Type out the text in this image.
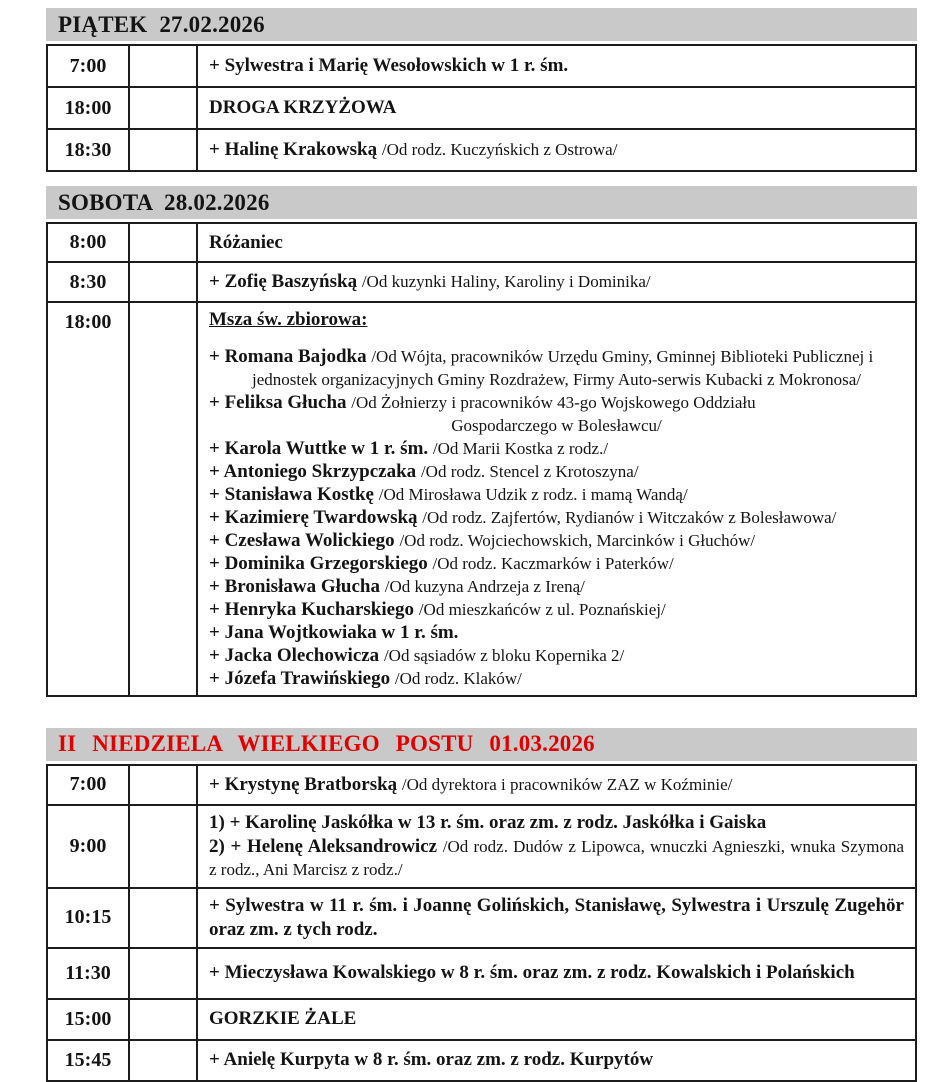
PIĄTEK 27.02.2026
7:00		+ Sylwestra i Marię Wesołowskich w 1 r. śm.
18:00		DROGA KRZYŻOWA
18:30		+ Halinę Krakowską /Od rodz. Kuczyńskich z Ostrowa/
SOBOTA 28.02.2026
8:00		Różaniec
8:30		+ Zofię Baszyńską /Od kuzynki Haliny, Karoliny i Dominika/
18:00		Msza św. zbiorowa:
+ Romana Bajodka /Od Wójta, pracowników Urzędu Gminy, Gminnej Biblioteki Publicznej i
jednostek organizacyjnych Gminy Rozdrażew, Firmy Auto-serwis Kubacki z Mokronosa/
+ Feliksa Głucha /Od Żołnierzy i pracowników 43-go Wojskowego Oddziału
Gospodarczego w Bolesławcu/
+ Karola Wuttke w 1 r. śm. /Od Marii Kostka z rodz./
+ Antoniego Skrzypczaka /Od rodz. Stencel z Krotoszyna/
+ Stanisława Kostkę /Od Mirosława Udzik z rodz. i mamą Wandą/
+ Kazimierę Twardowską /Od rodz. Zajfertów, Rydianów i Witczaków z Bolesławowa/
+ Czesława Wolickiego /Od rodz. Wojciechowskich, Marcinków i Głuchów/
+ Dominika Grzegorskiego /Od rodz. Kaczmarków i Paterków/
+ Bronisława Głucha /Od kuzyna Andrzeja z Ireną/
+ Henryka Kucharskiego /Od mieszkańców z ul. Poznańskiej/
+ Jana Wojtkowiaka w 1 r. śm.
+ Jacka Olechowicza /Od sąsiadów z bloku Kopernika 2/
+ Józefa Trawińskiego /Od rodz. Klaków/
II NIEDZIELA WIELKIEGO POSTU 01.03.2026
7:00		+ Krystynę Bratborską /Od dyrektora i pracowników ZAZ w Koźminie/
9:00		1) + Karolinę Jaskółka w 13 r. śm. oraz zm. z rodz. Jaskółka i Gaiska

2) + Helenę Aleksandrowicz /Od rodz. Dudów z Lipowca, wnuczki Agnieszki, wnuka Szymona z rodz., Ani Marcisz z rodz./

10:15		+ Sylwestra w 11 r. śm. i Joannę Golińskich, Stanisławę, Sylwestra i Urszulę Zugehör oraz zm. z tych rodz.

11:30		+ Mieczysława Kowalskiego w 8 r. śm. oraz zm. z rodz. Kowalskich i Polańskich

15:00		GORZKIE ŻALE
15:45		+ Anielę Kurpyta w 8 r. śm. oraz zm. z rodz. Kurpytów
